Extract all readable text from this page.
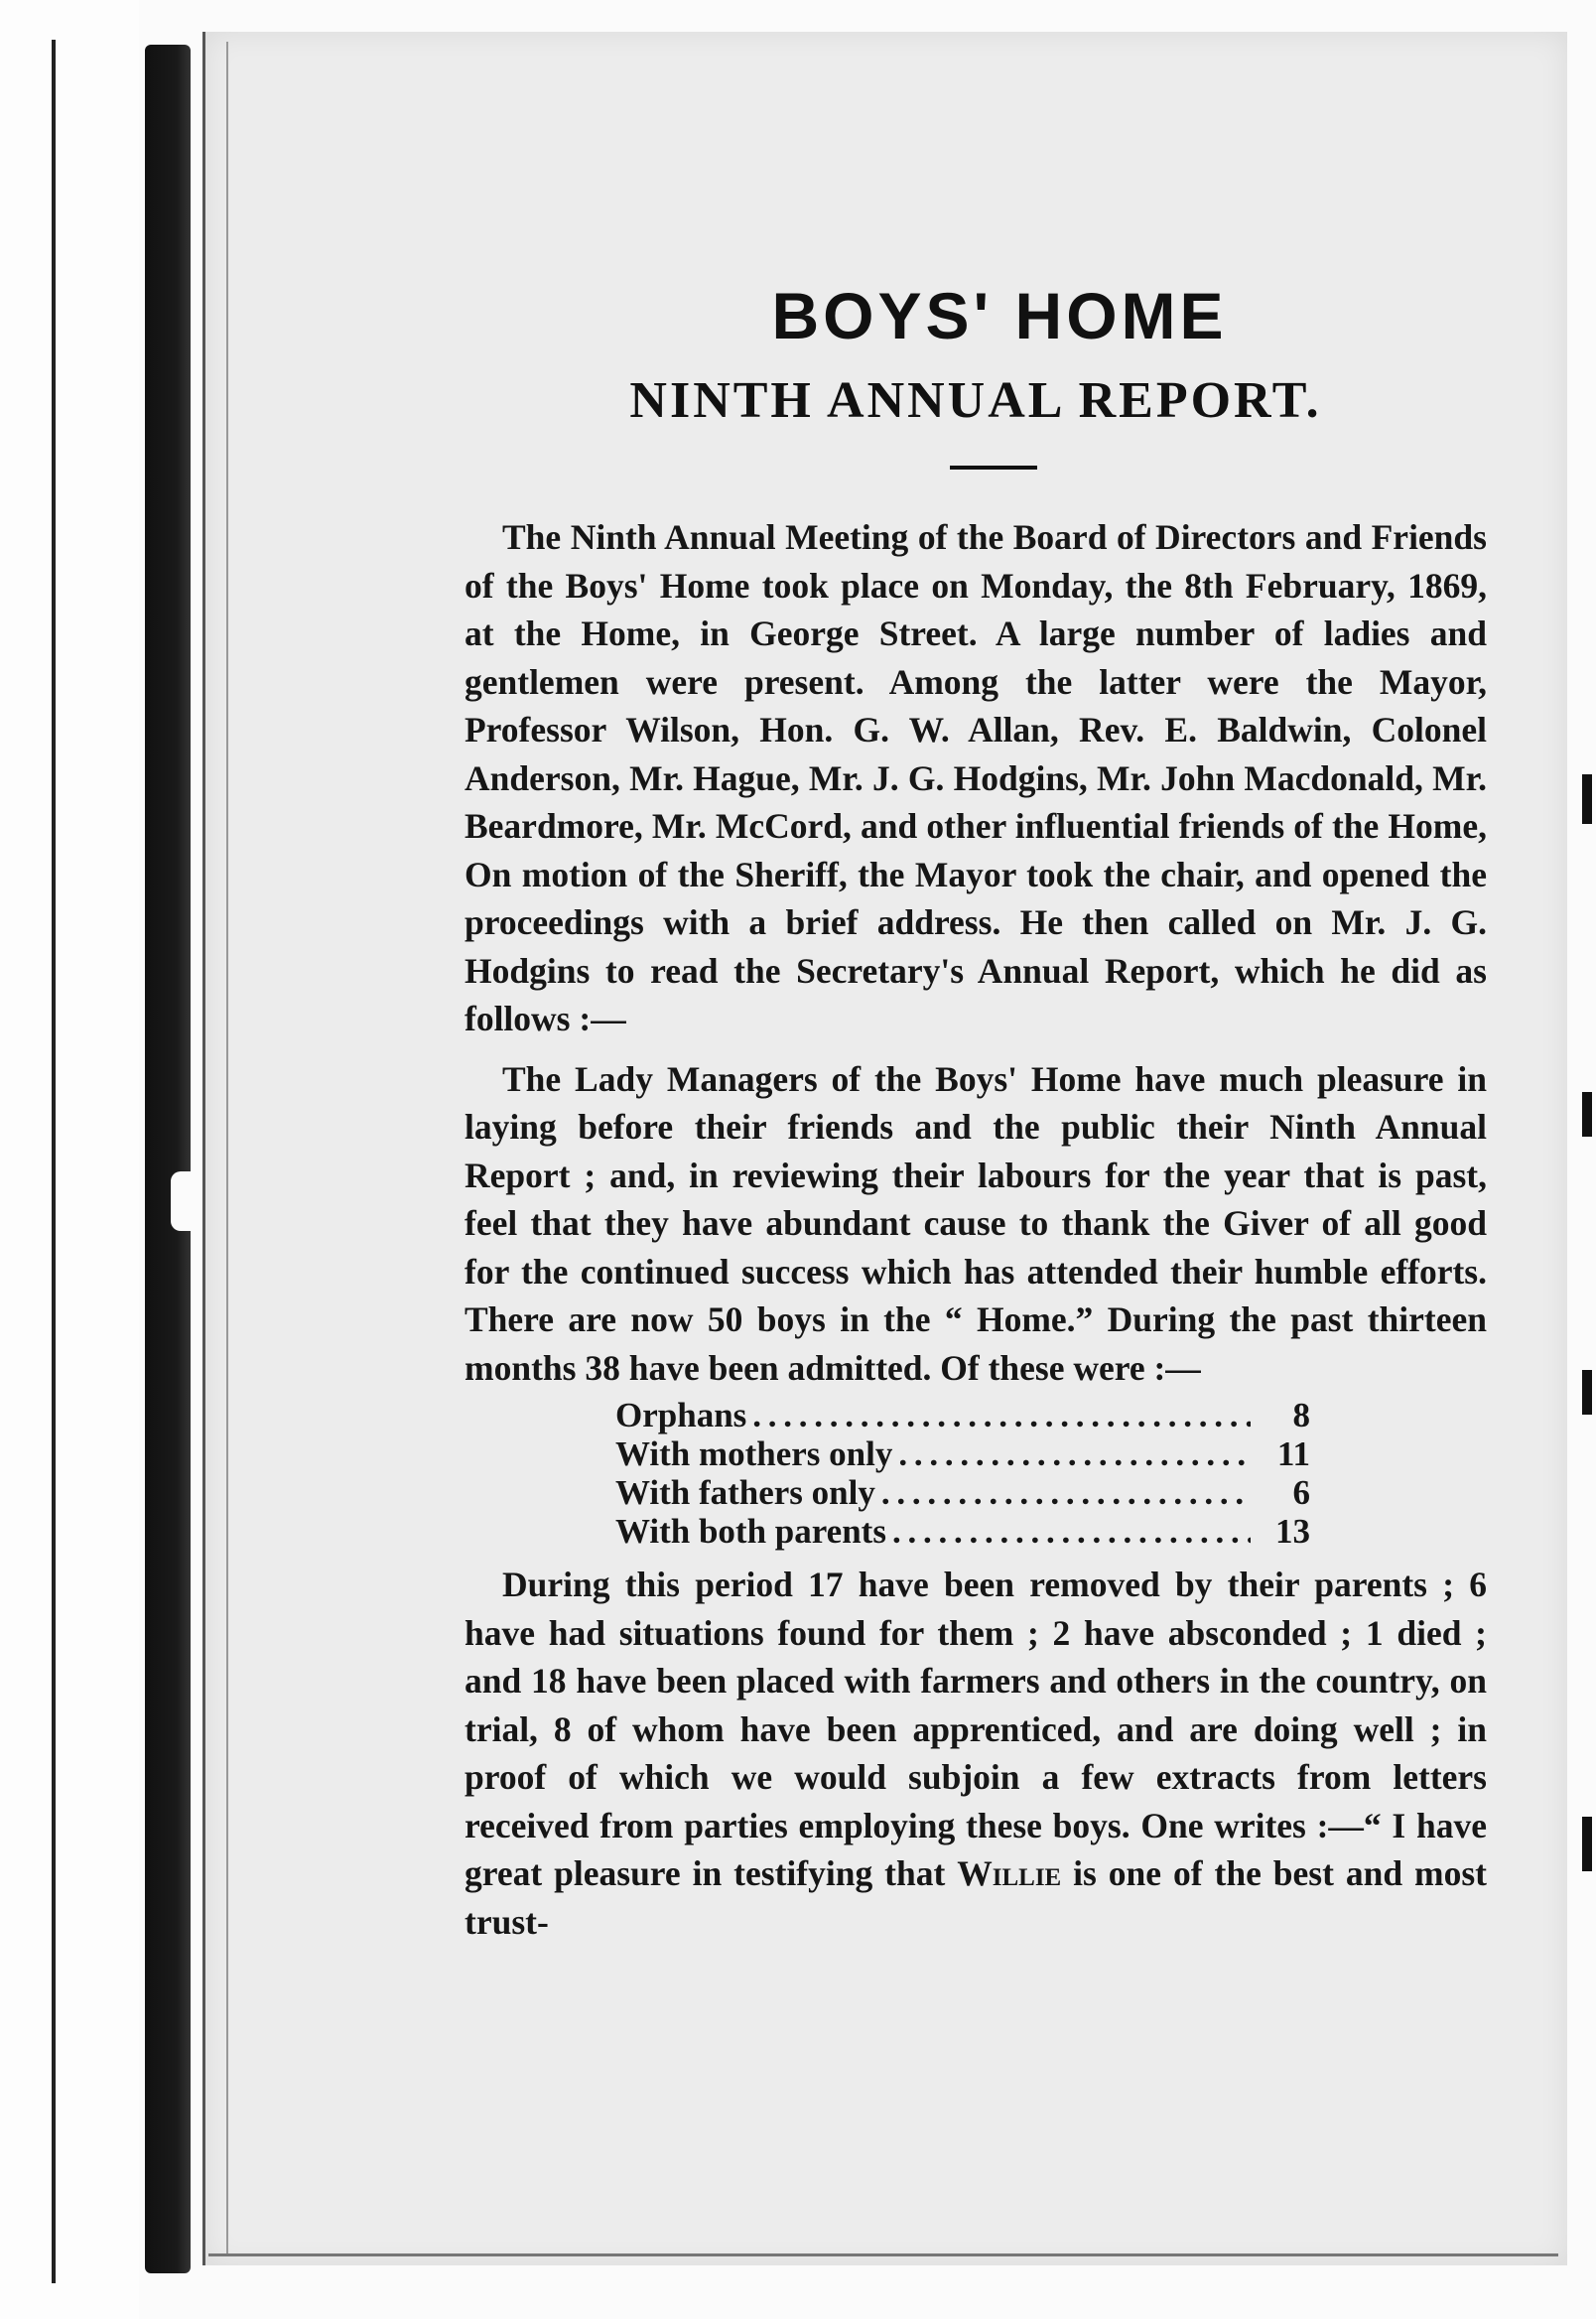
BOYS' HOME
NINTH ANNUAL REPORT.

The Ninth Annual Meeting of the Board of Directors and Friends of the Boys' Home took place on Monday, the 8th February, 1869, at the Home, in George Street. A large number of ladies and gentlemen were present. Among the latter were the Mayor, Professor Wilson, Hon. G. W. Allan, Rev. E. Baldwin, Colonel Anderson, Mr. Hague, Mr. J. G. Hodgins, Mr. John Macdonald, Mr. Beardmore, Mr. McCord, and other influential friends of the Home, On motion of the Sheriff, the Mayor took the chair, and opened the proceedings with a brief address. He then called on Mr. J. G. Hodgins to read the Secretary's Annual Report, which he did as follows :—

The Lady Managers of the Boys' Home have much pleasure in laying before their friends and the public their Ninth Annual Report ; and, in reviewing their labours for the year that is past, feel that they have abundant cause to thank the Giver of all good for the continued success which has attended their humble efforts. There are now 50 boys in the “ Home.” During the past thirteen months 38 have been admitted. Of these were :—

Orphans . . .	8
With mothers only . . .	11
With fathers only . . .	6
With both parents . . .	13

During this period 17 have been removed by their parents ; 6 have had situations found for them ; 2 have absconded ; 1 died ; and 18 have been placed with farmers and others in the country, on trial, 8 of whom have been apprenticed, and are doing well ; in proof of which we would subjoin a few extracts from letters received from parties employing these boys. One writes :—“ I have great pleasure in testifying that Willie is one of the best and most trust-
